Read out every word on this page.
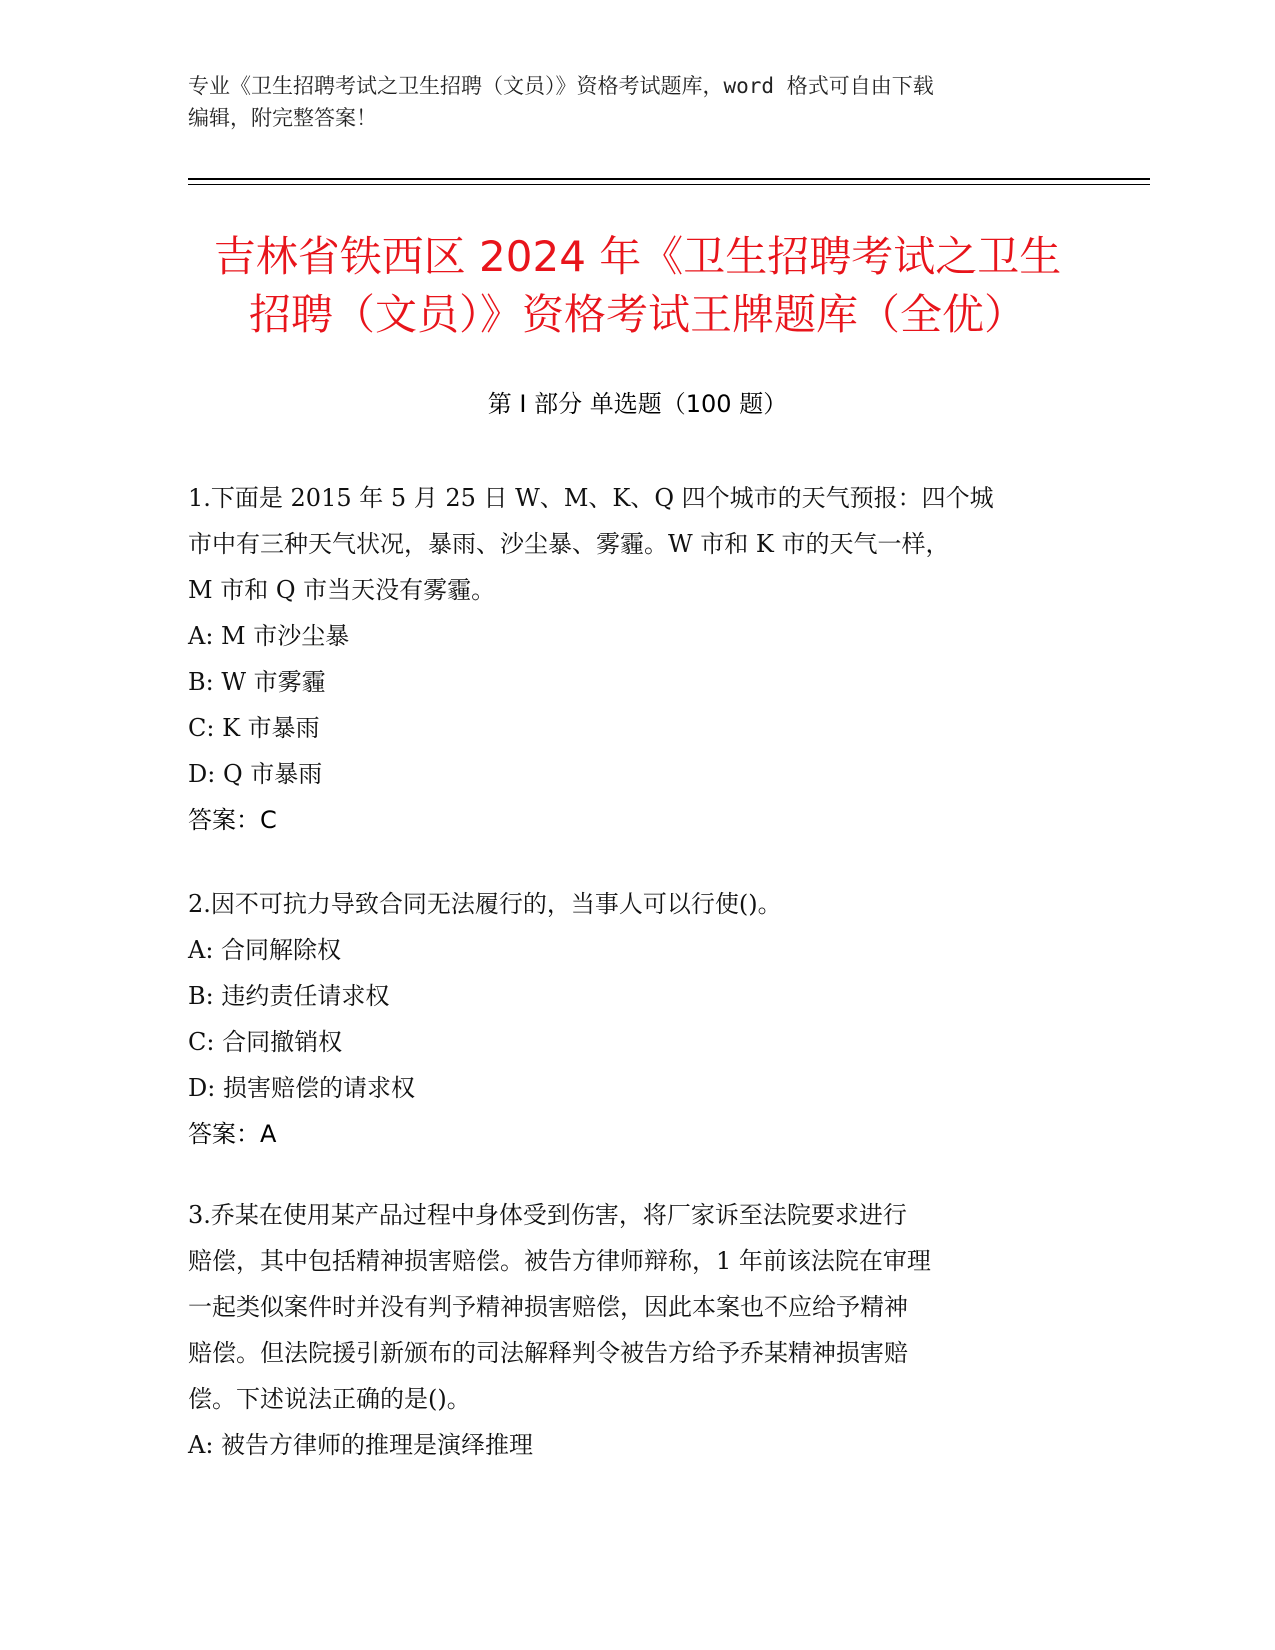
专业《卫生招聘考试之卫生招聘（文员）》资格考试题库，word 格式可自由下载
编辑，附完整答案！
吉林省铁西区 2024 年《卫生招聘考试之卫生
招聘（文员）》资格考试王牌题库（全优）
第 I 部分 单选题（100 题）
1.下面是 2015 年 5 月 25 日 W、M、K、Q 四个城市的天气预报：四个城
市中有三种天气状况，暴雨、沙尘暴、雾霾。W 市和 K 市的天气一样，
M 市和 Q 市当天没有雾霾。
A: M 市沙尘暴
B: W 市雾霾
C: K 市暴雨
D: Q 市暴雨
答案：C
2.因不可抗力导致合同无法履行的，当事人可以行使()。
A: 合同解除权
B: 违约责任请求权
C: 合同撤销权
D: 损害赔偿的请求权
答案：A
3.乔某在使用某产品过程中身体受到伤害，将厂家诉至法院要求进行
赔偿，其中包括精神损害赔偿。被告方律师辩称，1 年前该法院在审理
一起类似案件时并没有判予精神损害赔偿，因此本案也不应给予精神
赔偿。但法院援引新颁布的司法解释判令被告方给予乔某精神损害赔
偿。下述说法正确的是()。
A: 被告方律师的推理是演绎推理
